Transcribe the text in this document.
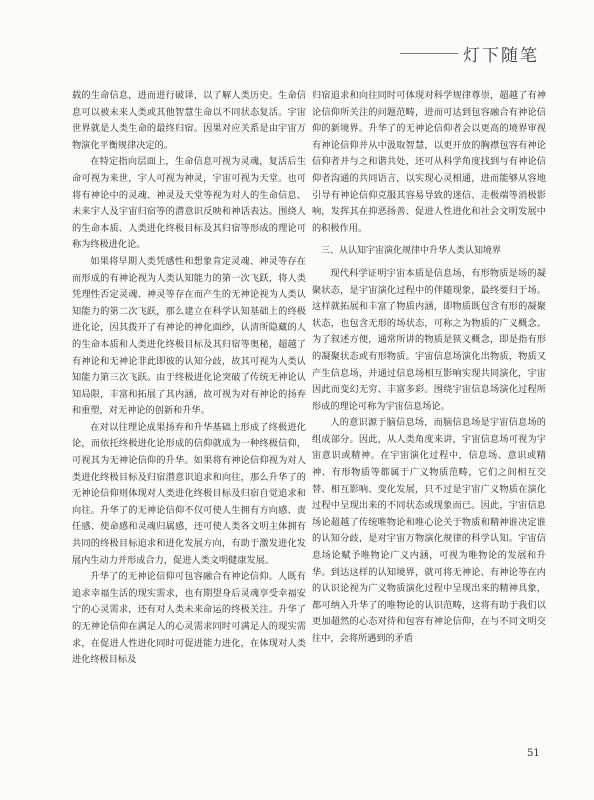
灯下随笔

载的生命信息，进而进行破译，以了解人类历史。生命信息可以被未来人类或其他智慧生命以不同状态复活。宇宙世界就是人类生命的最终归宿。因果对应关系是由宇宙万物演化平衡规律决定的。

在特定指向层面上，生命信息可视为灵魂，复活后生命可视为来世，宇人可视为神灵，宇宙可视为天堂。也可将有神论中的灵魂、神灵及天堂等视为对人的生命信息、未来宇人及宇宙归宿等的潜意识反映和神话表达。围绕人的生命本质、人类进化终极目标及其归宿等形成的理论可称为终极进化论。

如果将早期人类凭感性和想象肯定灵魂、神灵等存在而形成的有神论视为人类认知能力的第一次飞跃，将人类凭理性否定灵魂、神灵等存在而产生的无神论视为人类认知能力的第二次飞跃，那么建立在科学认知基础上的终极进化论，因其拨开了有神论的神化面纱，认清所隐藏的人的生命本质和人类进化终极目标及其归宿等奥秘，超越了有神论和无神论非此即彼的认知分歧，故其可视为人类认知能力第三次飞跃。由于终极进化论突破了传统无神论认知局限，丰富和拓展了其内涵，故可视为对有神论的扬弃和重塑，对无神论的创新和升华。

在对以往理论成果扬弃和升华基础上形成了终极进化论，而依托终极进化论形成的信仰就成为一种终极信仰，可视其为无神论信仰的升华。如果将有神论信仰视为对人类进化终极目标及归宿潜意识追求和向往，那么升华了的无神论信仰则体现对人类进化终极目标及归宿自觉追求和向往。升华了的无神论信仰不仅可使人生拥有方向感、责任感、使命感和灵魂归属感，还可使人类各文明主体拥有共同的终极目标追求和进化发展方向，有助于激发进化发展内生动力并形成合力，促进人类文明健康发展。

升华了的无神论信仰可包容融合有神论信仰。人既有追求幸福生活的现实需求，也有期望身后灵魂享受幸福安宁的心灵需求，还有对人类未来命运的终极关注。升华了的无神论信仰在满足人的心灵需求同时可满足人的现实需求，在促进人性进化同时可促进能力进化，在体现对人类进化终极目标及

归宿追求和向往同时可体现对科学规律尊崇，超越了有神论信仰所关注的问题范畴，进而可达到包容融合有神论信仰的新境界。升华了的无神论信仰者会以更高的境界审视有神论信仰并从中汲取智慧，以更开放的胸襟包容有神论信仰者并与之和谐共处，还可从科学角度找到与有神论信仰者沟通的共同语言，以实现心灵相通，进而能够从容地引导有神论信仰克服其容易导致的迷信、走极端等消极影响，发挥其在抑恶扬善、促进人性进化和社会文明发展中的积极作用。

三、从认知宇宙演化规律中升华人类认知境界

现代科学证明宇宙本质是信息场，有形物质是场的凝聚状态，是宇宙演化过程中的伴随现象，最终要归于场。这样就拓展和丰富了物质内涵，即物质既包含有形的凝聚状态，也包含无形的场状态，可称之为物质的广义概念。为了叙述方便，通常所讲的物质是狭义概念，即是指有形的凝聚状态或有形物质。宇宙信息场演化出物质，物质又产生信息场，并通过信息场相互影响实现共同演化，宇宙因此而变幻无穷、丰富多彩。围绕宇宙信息场演化过程所形成的理论可称为宇宙信息场论。

人的意识源于脑信息场，而脑信息场是宇宙信息场的组成部分。因此，从人类角度来讲，宇宙信息场可视为宇宙意识或精神。在宇宙演化过程中，信息场、意识或精神、有形物质等都属于广义物质范畴，它们之间相互交替、相互影响、变化发展，只不过是宇宙广义物质在演化过程中呈现出来的不同状态或现象而已。因此，宇宙信息场论超越了传统唯物论和唯心论关于物质和精神谁决定谁的认知分歧，是对宇宙万物演化规律的科学认知。宇宙信息场论赋予唯物论广义内涵，可视为唯物论的发展和升华。到达这样的认知境界，就可将无神论、有神论等在内的认识论视为广义物质演化过程中呈现出来的精神具象，都可纳入升华了的唯物论的认识范畴，这将有助于我们以更加超然的心态对待和包容有神论信仰，在与不同文明交往中，会将所遇到的矛盾

51
